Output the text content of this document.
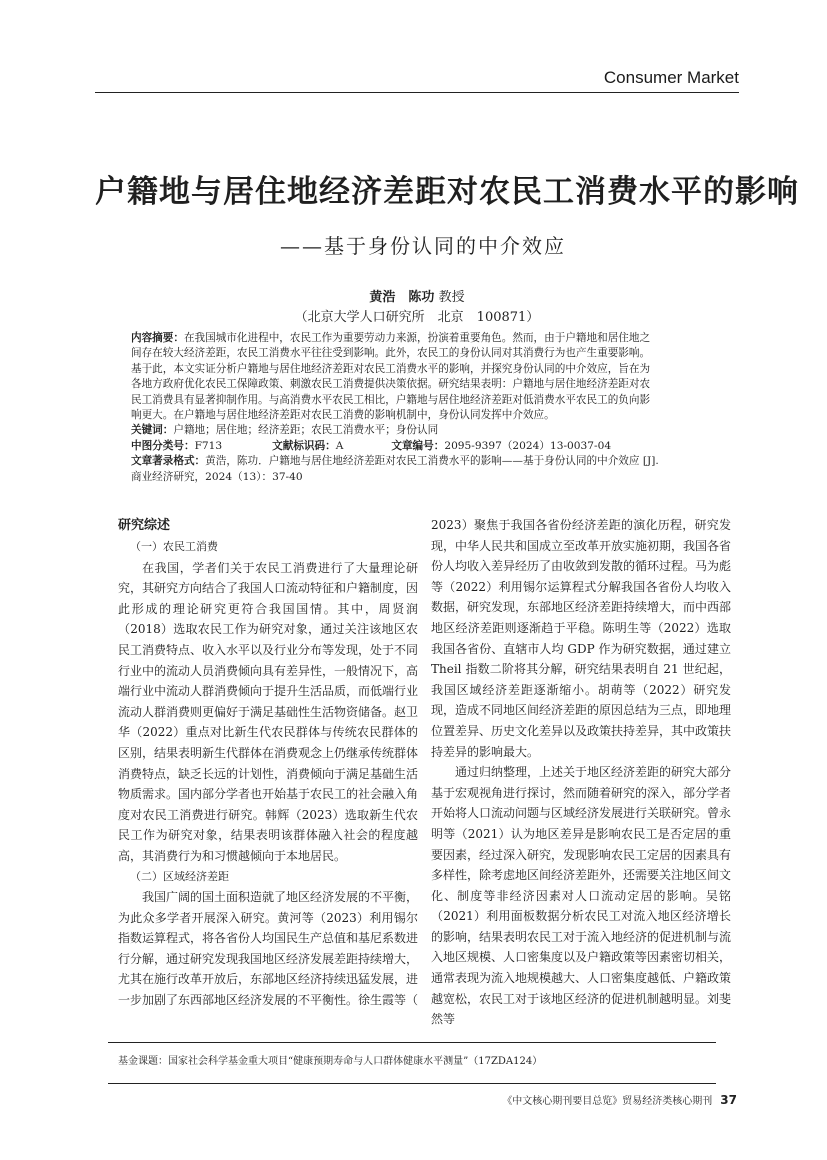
Consumer Market
户籍地与居住地经济差距对农民工消费水平的影响
——基于身份认同的中介效应
黄浩　陈功 教授
（北京大学人口研究所　北京　100871）
内容摘要：在我国城市化进程中，农民工作为重要劳动力来源，扮演着重要角色。然而，由于户籍地和居住地之
间存在较大经济差距，农民工消费水平往往受到影响。此外，农民工的身份认同对其消费行为也产生重要影响。
基于此，本文实证分析户籍地与居住地经济差距对农民工消费水平的影响，并探究身份认同的中介效应，旨在为
各地方政府优化农民工保障政策、刺激农民工消费提供决策依据。研究结果表明：户籍地与居住地经济差距对农
民工消费具有显著抑制作用。与高消费水平农民工相比，户籍地与居住地经济差距对低消费水平农民工的负向影
响更大。在户籍地与居住地经济差距对农民工消费的影响机制中，身份认同发挥中介效应。
关键词：户籍地；居住地；经济差距；农民工消费水平；身份认同
中图分类号：F713	文献标识码：A	文章编号：2095-9397（2024）13-0037-04
文章著录格式：黄浩，陈功．户籍地与居住地经济差距对农民工消费水平的影响——基于身份认同的中介效应 [J].
商业经济研究，2024（13）：37-40
研究综述
（一）农民工消费

在我国，学者们关于农民工消费进行了大量理论研究，其研究方向结合了我国人口流动特征和户籍制度，因此形成的理论研究更符合我国国情。其中，周贤润（2018）选取农民工作为研究对象，通过关注该地区农民工消费特点、收入水平以及行业分布等发现，处于不同行业中的流动人员消费倾向具有差异性，一般情况下，高端行业中流动人群消费倾向于提升生活品质，而低端行业流动人群消费则更偏好于满足基础性生活物资储备。赵卫华（2022）重点对比新生代农民群体与传统农民群体的区别，结果表明新生代群体在消费观念上仍继承传统群体消费特点，缺乏长远的计划性，消费倾向于满足基础生活物质需求。国内部分学者也开始基于农民工的社会融入角度对农民工消费进行研究。韩辉（2023）选取新生代农民工作为研究对象，结果表明该群体融入社会的程度越高，其消费行为和习惯越倾向于本地居民。

（二）区域经济差距

我国广阔的国土面积造就了地区经济发展的不平衡，为此众多学者开展深入研究。黄河等（2023）利用锡尔指数运算程式，将各省份人均国民生产总值和基尼系数进行分解，通过研究发现我国地区经济发展差距持续增大，尤其在施行改革开放后，东部地区经济持续迅猛发展，进一步加剧了东西部地区经济发展的不平衡性。徐生霞等（

2023）聚焦于我国各省份经济差距的演化历程，研究发现，中华人民共和国成立至改革开放实施初期，我国各省份人均收入差异经历了由收敛到发散的循环过程。马为彪等（2022）利用锡尔运算程式分解我国各省份人均收入数据，研究发现，东部地区经济差距持续增大，而中西部地区经济差距则逐渐趋于平稳。陈明生等（2022）选取我国各省份、直辖市人均 GDP 作为研究数据，通过建立 Theil 指数二阶将其分解，研究结果表明自 21 世纪起，我国区域经济差距逐渐缩小。胡萌等（2022）研究发现，造成不同地区间经济差距的原因总结为三点，即地理位置差异、历史文化差异以及政策扶持差异，其中政策扶持差异的影响最大。

通过归纳整理，上述关于地区经济差距的研究大部分基于宏观视角进行探讨，然而随着研究的深入，部分学者开始将人口流动问题与区域经济发展进行关联研究。曾永明等（2021）认为地区差异是影响农民工是否定居的重要因素，经过深入研究，发现影响农民工定居的因素具有多样性，除考虑地区间经济差距外，还需要关注地区间文化、制度等非经济因素对人口流动定居的影响。吴铭（2021）利用面板数据分析农民工对流入地区经济增长的影响，结果表明农民工对于流入地经济的促进机制与流入地区规模、人口密集度以及户籍政策等因素密切相关，通常表现为流入地规模越大、人口密集度越低、户籍政策越宽松，农民工对于该地区经济的促进机制越明显。刘斐然等

基金课题：国家社会科学基金重大项目“健康预期寿命与人口群体健康水平测量”（17ZDA124）
《中文核心期刊要目总览》贸易经济类核心期刊 37
